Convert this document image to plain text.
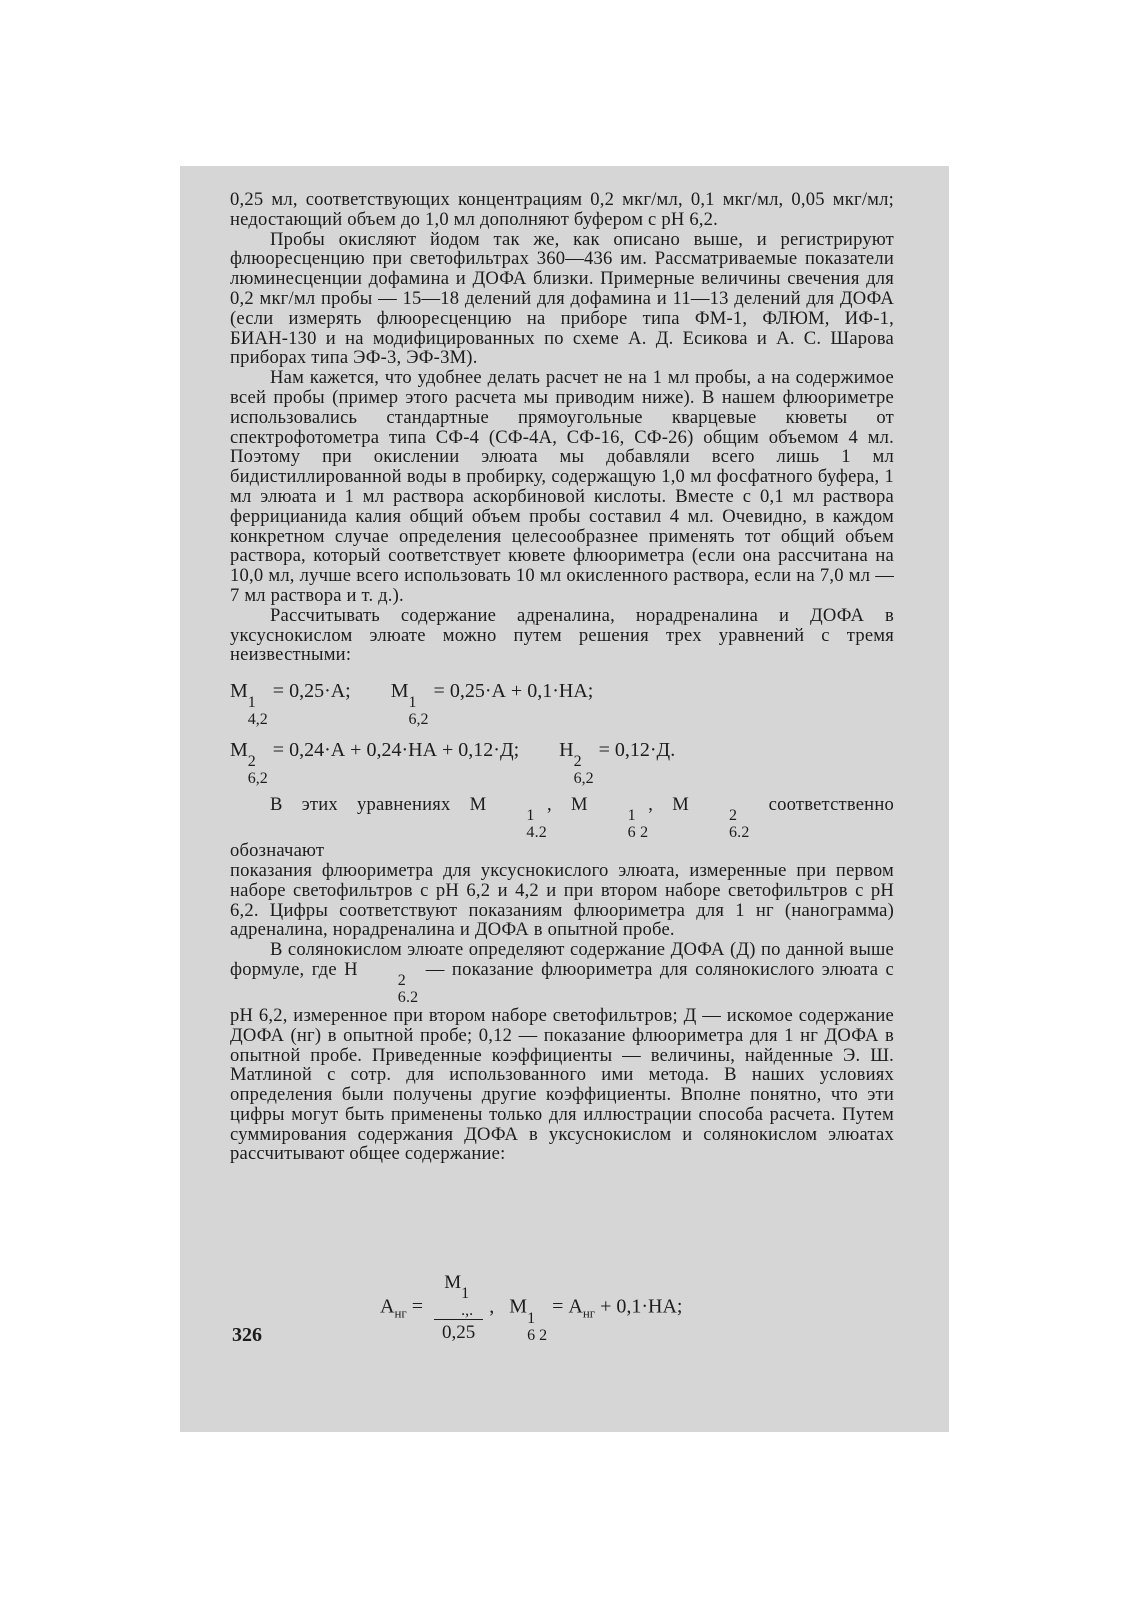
0,25 мл, соответствующих концентрациям 0,2 мкг/мл, 0,1 мкг/мл, 0,05 мкг/мл; недостающий объем до 1,0 мл дополняют буфером с рН 6,2.

Пробы окисляют йодом так же, как описано выше, и регистрируют флюоресценцию при светофильтрах 360—436 им. Рассматриваемые показатели люминесценции дофамина и ДОФА близки. Примерные величины свечения для 0,2 мкг/мл пробы — 15—18 делений для дофамина и 11—13 делений для ДОФА (если измерять флюоресценцию на приборе типа ФМ-1, ФЛЮМ, ИФ-1, БИАН-130 и на модифицированных по схеме А. Д. Есикова и А. С. Шарова приборах типа ЭФ-3, ЭФ-3М).

Нам кажется, что удобнее делать расчет не на 1 мл пробы, а на содержимое всей пробы (пример этого расчета мы приводим ниже). В нашем флюориметре использовались стандартные прямоугольные кварцевые кюветы от спектрофотометра типа СФ-4 (СФ-4А, СФ-16, СФ-26) общим объемом 4 мл. Поэтому при окислении элюата мы добавляли всего лишь 1 мл бидистиллированной воды в пробирку, содержащую 1,0 мл фосфатного буфера, 1 мл элюата и 1 мл раствора аскорбиновой кислоты. Вместе с 0,1 мл раствора феррицианида калия общий объем пробы составил 4 мл. Очевидно, в каждом конкретном случае определения целесообразнее применять тот общий объем раствора, который соответствует кювете флюориметра (если она рассчитана на 10,0 мл, лучше всего использовать 10 мл окисленного раствора, если на 7,0 мл — 7 мл раствора и т. д.).

Рассчитывать содержание адреналина, норадреналина и ДОФА в уксуснокислом элюате можно путем решения трех уравнений с тремя неизвестными:

М
1
4,2
= 0,25·А; М
1
6,2
= 0,25·А + 0,1·НА;
М
2
6,2
= 0,24·А + 0,24·НА + 0,12·Д; Н
2
6,2
= 0,12·Д.

В этих уравнениях М
1
4.2
, М
1
6 2
, М
2
6.2
соответственно обозначают

показания флюориметра для уксуснокислого элюата, измеренные при первом наборе светофильтров с рН 6,2 и 4,2 и при втором наборе светофильтров с рН 6,2. Цифры соответствуют показаниям флюориметра для 1 нг (нанограмма) адреналина, норадреналина и ДОФА в опытной пробе.

В солянокислом элюате определяют содержание ДОФА (Д) по данной выше формуле, где Н
2
6.2
— показание флюориметра для солянокислого элюата с рН 6,2, измеренное при втором наборе светофильтров; Д — искомое содержание ДОФА (нг) в опытной пробе; 0,12 — показание флюориметра для 1 нг ДОФА в опытной пробе. Приведенные коэффициенты — величины, найденные Э. Ш. Матлиной с сотр. для использованного ими метода. В наших условиях определения были получены другие коэффициенты. Вполне понятно, что эти цифры могут быть применены только для иллюстрации способа расчета. Путем суммирования содержания ДОФА в уксуснокислом и солянокислом элюатах рассчитывают общее содержание:

$А_{нг} = М$
1
.,.
0,25 , М
1
6 2
= $А_{нг} + 0,1\cdot НА$;
326
